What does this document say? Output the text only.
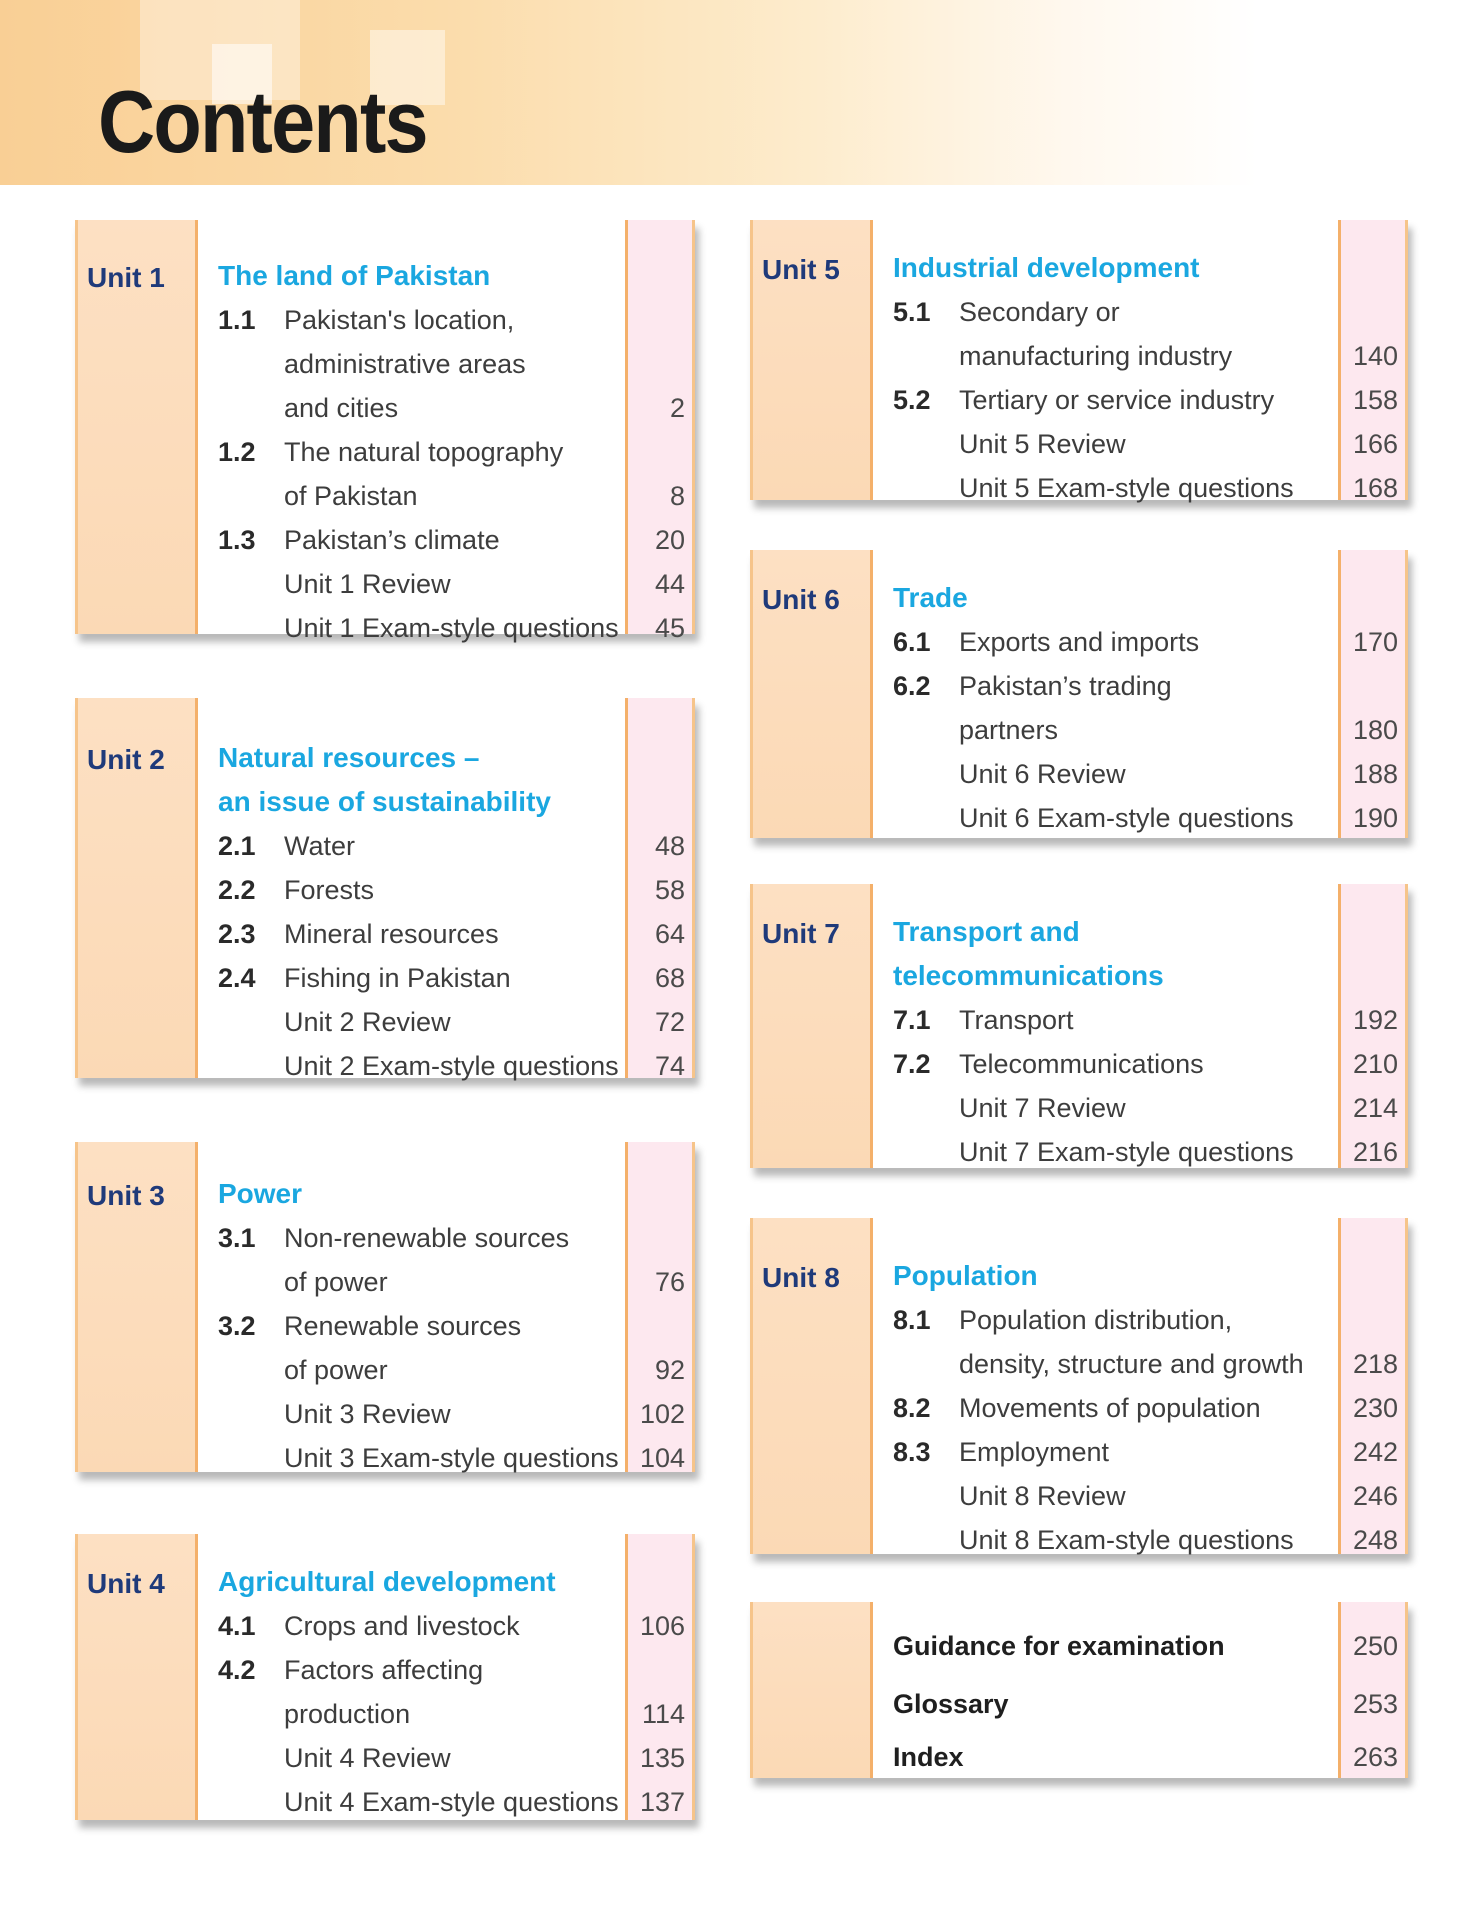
Contents
Unit 1 The land of Pakistan
1.1 Pakistan's location,
administrative areas
and cities	2
1.2 The natural topography
of Pakistan	8
1.3 Pakistan’s climate	20
Unit 1 Review	44
Unit 1 Exam-style questions	45
Unit 2 Natural resources –
an issue of sustainability
2.1 Water	48
2.2 Forests	58
2.3 Mineral resources	64
2.4 Fishing in Pakistan	68
Unit 2 Review	72
Unit 2 Exam-style questions	74
Unit 3 Power
3.1 Non-renewable sources
of power	76
3.2 Renewable sources
of power	92
Unit 3 Review	102
Unit 3 Exam-style questions 104
Unit 4 Agricultural development
4.1 Crops and livestock	106
4.2 Factors affecting
production	114
Unit 4 Review	135
Unit 4 Exam-style questions 137
Unit 5 Industrial development
5.1 Secondary or
manufacturing industry	140
5.2 Tertiary or service industry	158
Unit 5 Review	166
Unit 5 Exam-style questions	168
Unit 6 Trade
6.1 Exports and imports	170
6.2 Pakistan’s trading
partners	180
Unit 6 Review	188
Unit 6 Exam-style questions	190
Unit 7 Transport and
telecommunications
7.1 Transport	192
7.2 Telecommunications	210
Unit 7 Review	214
Unit 7 Exam-style questions	216
Unit 8 Population
8.1 Population distribution,
density, structure and growth	218
8.2 Movements of population	230
8.3 Employment	242
Unit 8 Review	246
Unit 8 Exam-style questions	248
Guidance for examination	250
Glossary	253
Index	263
